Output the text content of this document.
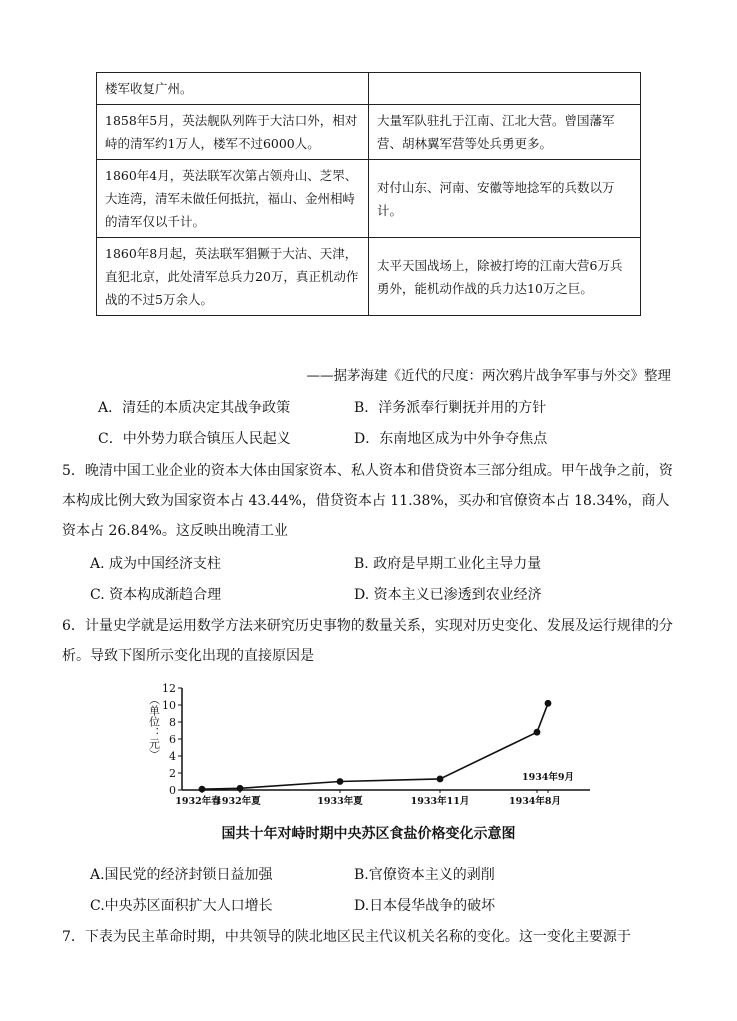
楼军收复广州。	
1858年5月，英法舰队列阵于大沽口外，相对峙的清军约1万人，楼军不过6000人。	大量军队驻扎于江南、江北大营。曾国藩军营、胡林翼军营等处兵勇更多。
1860年4月，英法联军次第占领舟山、芝罘、大连湾，清军未做任何抵抗，福山、金州相峙的清军仅以千计。	对付山东、河南、安徽等地捻军的兵数以万计。
1860年8月起，英法联军猖獗于大沽、天津，直犯北京，此处清军总兵力20万，真正机动作战的不过5万余人。	太平天国战场上，除被打垮的江南大营6万兵勇外，能机动作战的兵力达10万之巨。
——据茅海建《近代的尺度：两次鸦片战争军事与外交》整理
A．清廷的本质决定其战争政策	B．洋务派奉行剿抚并用的方针
C．中外势力联合镇压人民起义	D．东南地区成为中外争夺焦点
5．晚清中国工业企业的资本大体由国家资本、私人资本和借贷资本三部分组成。甲午战争之前，资本构成比例大致为国家资本占 43.44%，借贷资本占 11.38%，买办和官僚资本占 18.34%，商人资本占 26.84%。这反映出晚清工业
A. 成为中国经济支柱	B. 政府是早期工业化主导力量
C. 资本构成渐趋合理	D. 资本主义已渗透到农业经济
6．计量史学就是运用数学方法来研究历史事物的数量关系，实现对历史变化、发展及运行规律的分析。导致下图所示变化出现的直接原因是
0
2
4
6
8
10
12
（单位：元）
1932年春
1932年夏	1933年夏	1933年11月	1934年8月
1934年9月
国共十年对峙时期中央苏区食盐价格变化示意图
A.国民党的经济封锁日益加强	B.官僚资本主义的剥削
C.中央苏区面积扩大人口增长	D.日本侵华战争的破坏
7．下表为民主革命时期，中共领导的陕北地区民主代议机关名称的变化。这一变化主要源于
